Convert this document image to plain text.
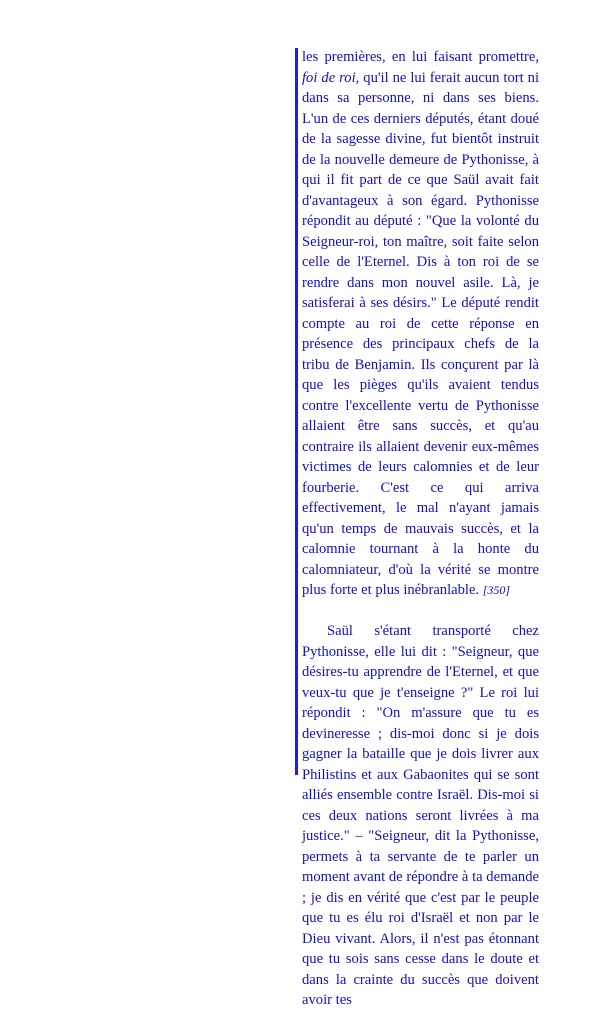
les premières, en lui faisant promettre, foi de roi, qu'il ne lui ferait aucun tort ni dans sa personne, ni dans ses biens. L'un de ces derniers députés, étant doué de la sagesse divine, fut bientôt instruit de la nouvelle demeure de Pythonisse, à qui il fit part de ce que Saül avait fait d'avantageux à son égard. Pythonisse répondit au député : "Que la volonté du Seigneur-roi, ton maître, soit faite selon celle de l'Eternel. Dis à ton roi de se rendre dans mon nouvel asile. Là, je satisferai à ses désirs." Le député rendit compte au roi de cette réponse en présence des principaux chefs de la tribu de Benjamin. Ils conçurent par là que les pièges qu'ils avaient tendus contre l'excellente vertu de Pythonisse allaient être sans succès, et qu'au contraire ils allaient devenir eux-mêmes victimes de leurs calomnies et de leur fourberie. C'est ce qui arriva effectivement, le mal n'ayant jamais qu'un temps de mauvais succès, et la calomnie tournant à la honte du calomniateur, d'où la vérité se montre plus forte et plus inébranlable. [350]

Saül s'étant transporté chez Pythonisse, elle lui dit : "Seigneur, que désires-tu apprendre de l'Eternel, et que veux-tu que je t'enseigne ?" Le roi lui répondit : "On m'assure que tu es devineresse ; dis-moi donc si je dois gagner la bataille que je dois livrer aux Philistins et aux Gabaonites qui se sont alliés ensemble contre Israël. Dis-moi si ces deux nations seront livrées à ma justice." – "Seigneur, dit la Pythonisse, permets à ta servante de te parler un moment avant de répondre à ta demande ; je dis en vérité que c'est par le peuple que tu es élu roi d'Israël et non par le Dieu vivant. Alors, il n'est pas étonnant que tu sois sans cesse dans le doute et dans la crainte du succès que doivent avoir tes
